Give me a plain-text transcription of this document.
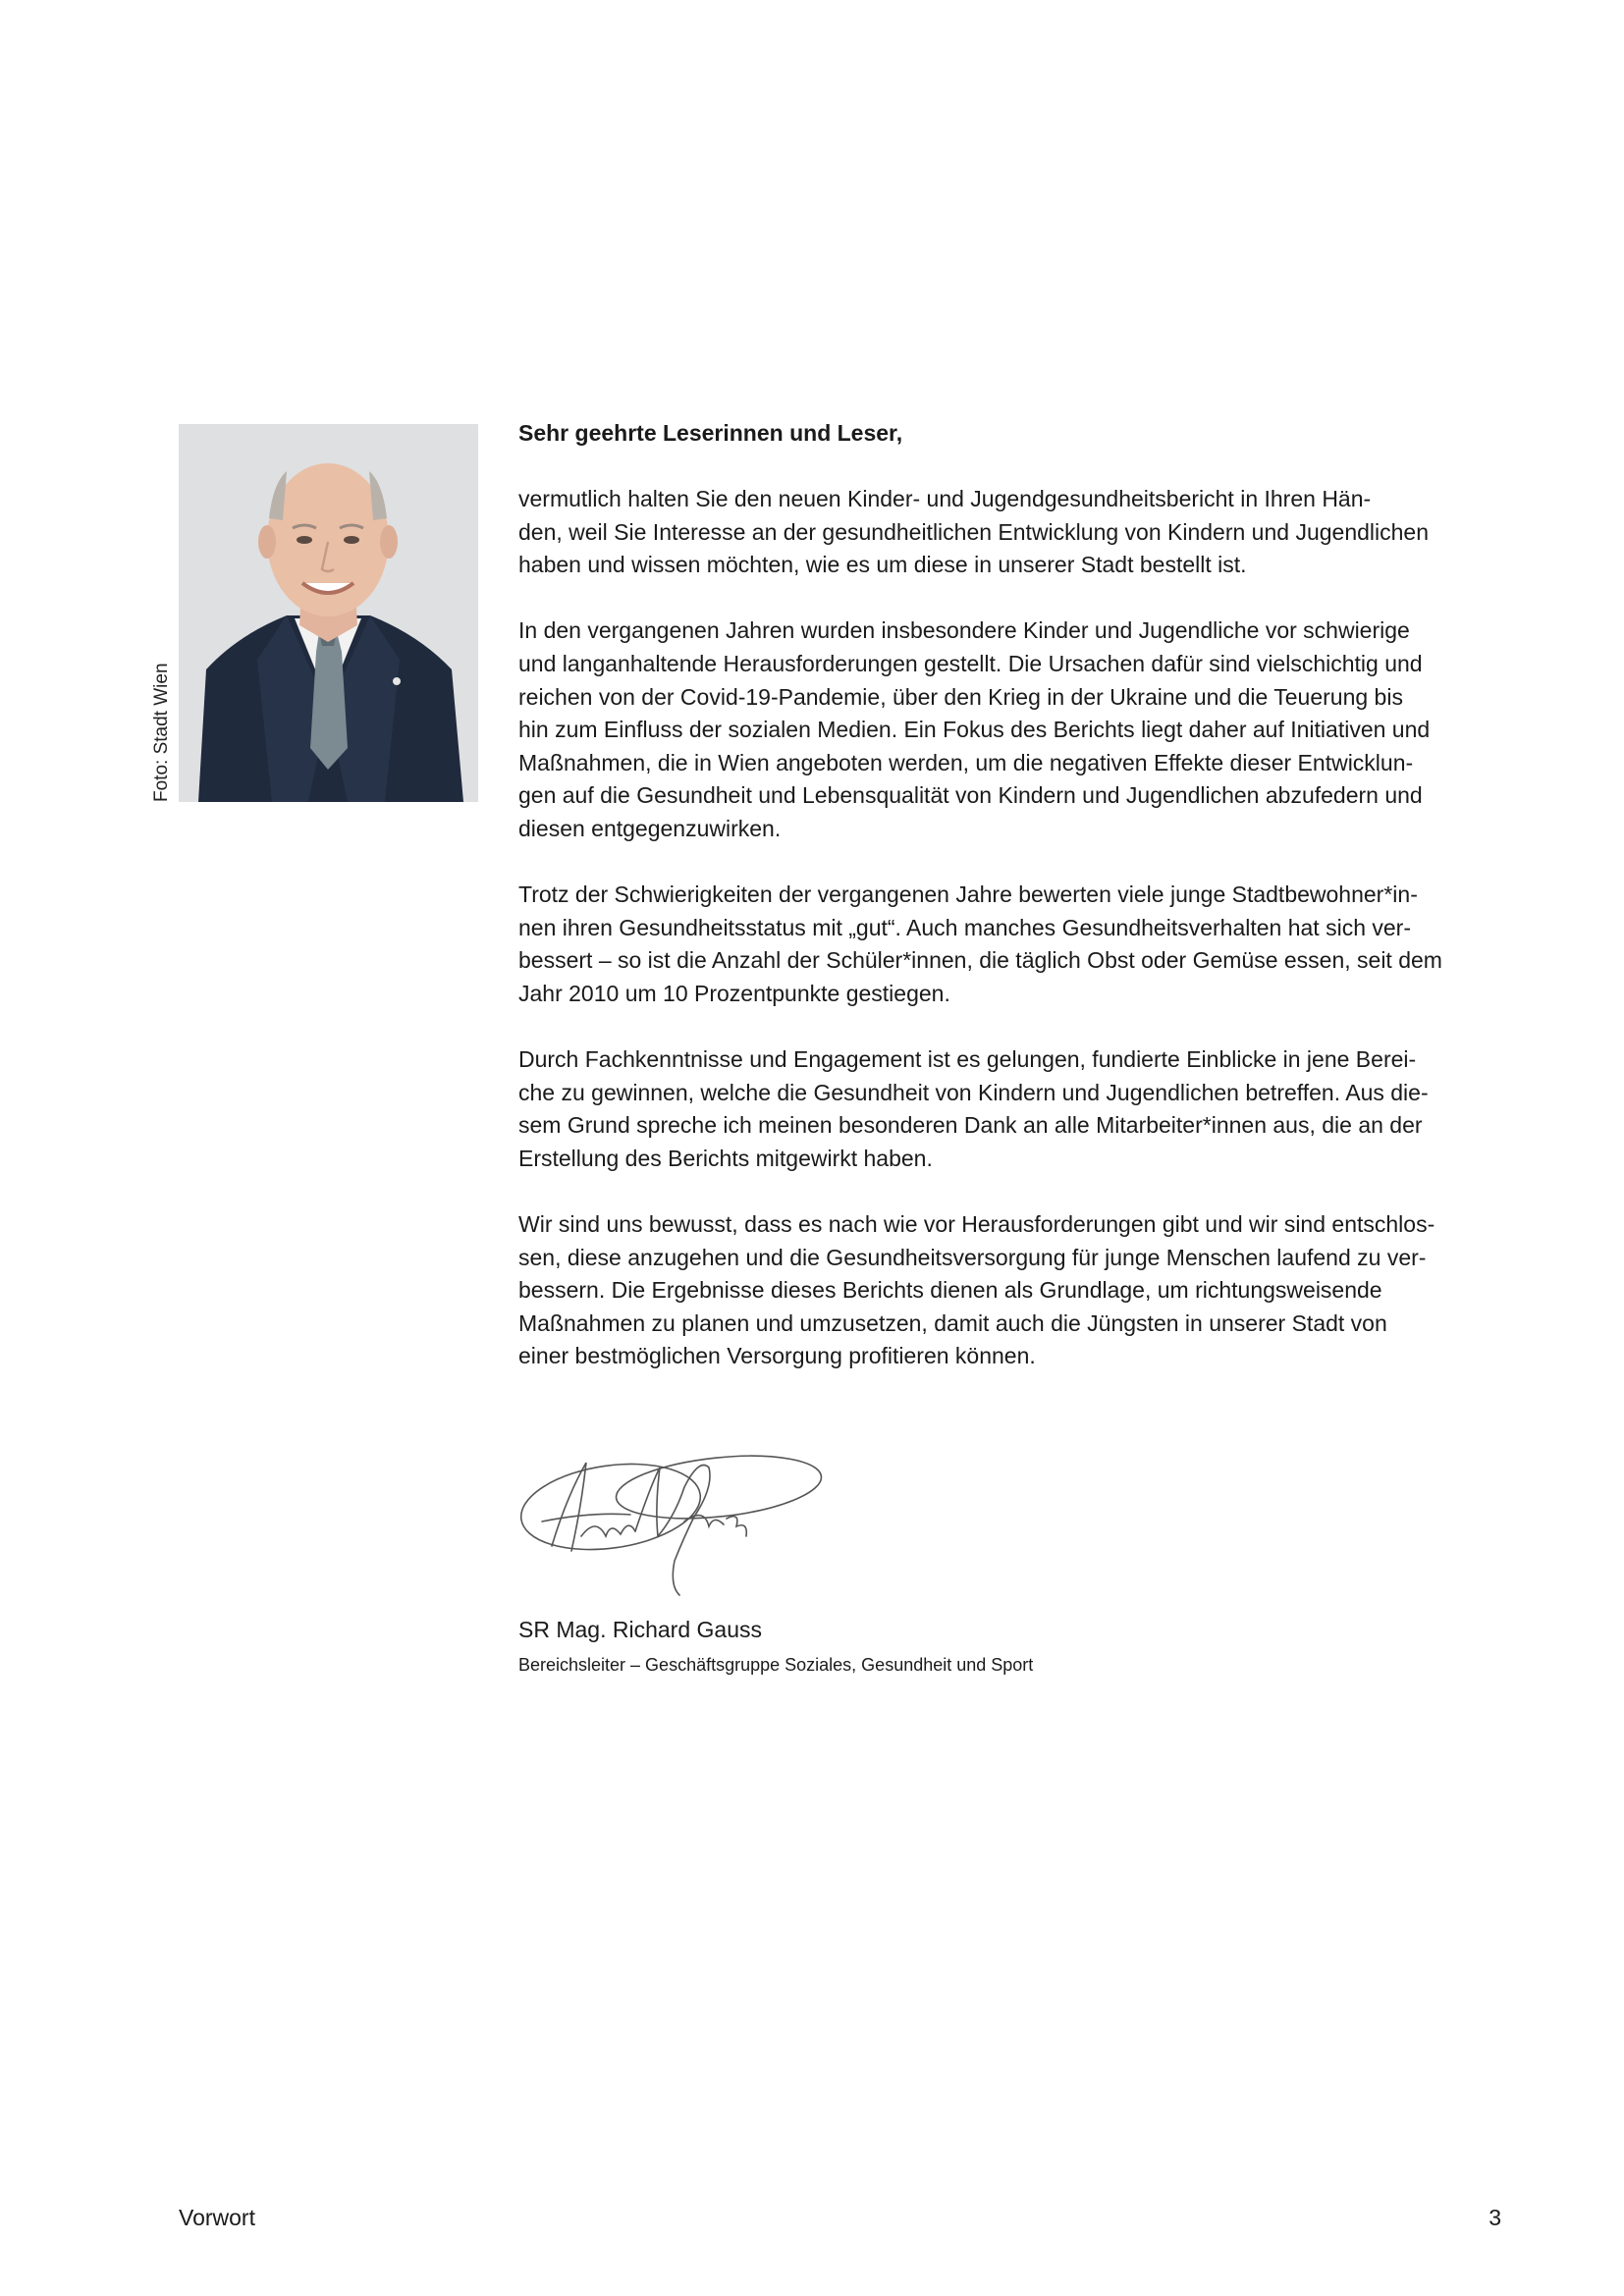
Foto: Stadt Wien
Sehr geehrte Leserinnen und Leser,
vermutlich halten Sie den neuen Kinder- und Jugendgesundheitsbericht in Ihren Hän-
den, weil Sie Interesse an der gesundheitlichen Entwicklung von Kindern und Jugendlichen
haben und wissen möchten, wie es um diese in unserer Stadt bestellt ist.
In den vergangenen Jahren wurden insbesondere Kinder und Jugendliche vor schwierige
und langanhaltende Herausforderungen gestellt. Die Ursachen dafür sind vielschichtig und
reichen von der Covid-19-Pandemie, über den Krieg in der Ukraine und die Teuerung bis
hin zum Einfluss der sozialen Medien. Ein Fokus des Berichts liegt daher auf Initiativen und
Maßnahmen, die in Wien angeboten werden, um die negativen Effekte dieser Entwicklun-
gen auf die Gesundheit und Lebensqualität von Kindern und Jugendlichen abzufedern und
diesen entgegenzuwirken.
Trotz der Schwierigkeiten der vergangenen Jahre bewerten viele junge Stadtbewohner*in-
nen ihren Gesundheitsstatus mit „gut“. Auch manches Gesundheitsverhalten hat sich ver-
bessert – so ist die Anzahl der Schüler*innen, die täglich Obst oder Gemüse essen, seit dem
Jahr 2010 um 10 Prozentpunkte gestiegen.
Durch Fachkenntnisse und Engagement ist es gelungen, fundierte Einblicke in jene Berei-
che zu gewinnen, welche die Gesundheit von Kindern und Jugendlichen betreffen. Aus die-
sem Grund spreche ich meinen besonderen Dank an alle Mitarbeiter*innen aus, die an der
Erstellung des Berichts mitgewirkt haben.
Wir sind uns bewusst, dass es nach wie vor Herausforderungen gibt und wir sind entschlos-
sen, diese anzugehen und die Gesundheitsversorgung für junge Menschen laufend zu ver-
bessern. Die Ergebnisse dieses Berichts dienen als Grundlage, um richtungsweisende
Maßnahmen zu planen und umzusetzen, damit auch die Jüngsten in unserer Stadt von
einer bestmöglichen Versorgung profitieren können.
SR Mag. Richard Gauss
Bereichsleiter – Geschäftsgruppe Soziales, Gesundheit und Sport
Vorwort	3
